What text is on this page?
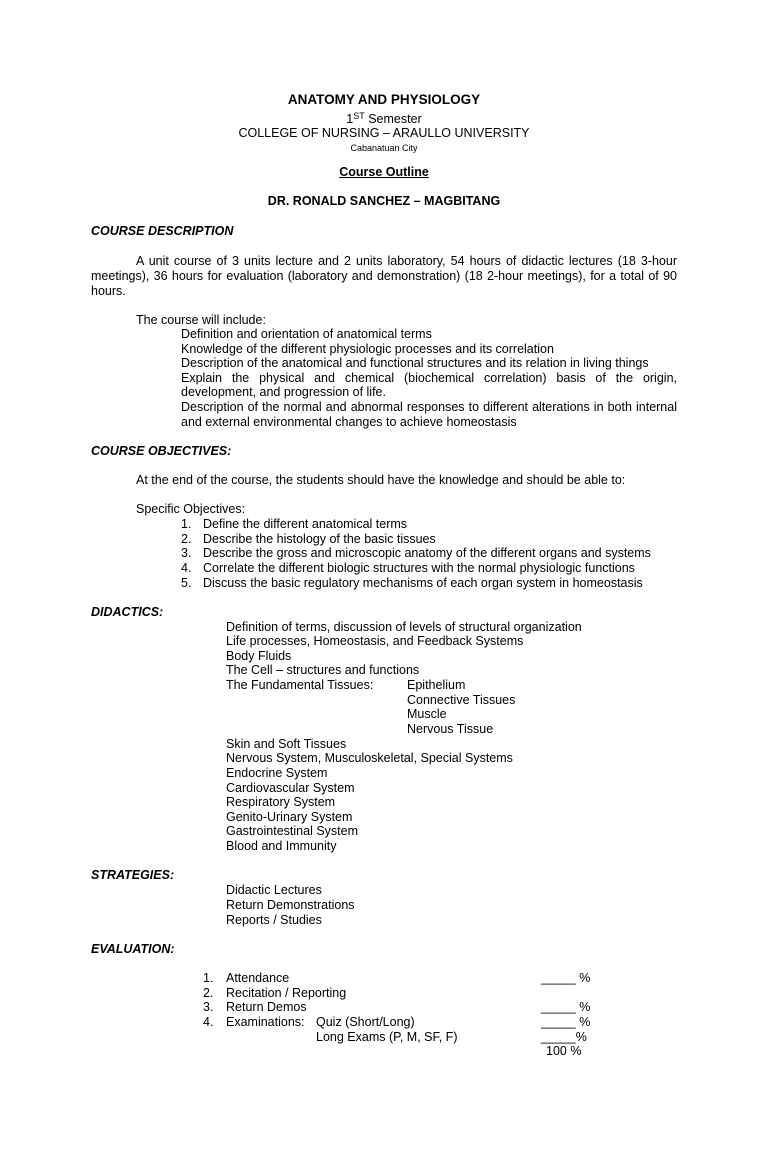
ANATOMY AND PHYSIOLOGY
1ST Semester
COLLEGE OF NURSING – ARAULLO UNIVERSITY
Cabanatuan City
Course Outline
DR. RONALD SANCHEZ – MAGBITANG
COURSE DESCRIPTION
A unit course of 3 units lecture and 2 units laboratory, 54 hours of didactic lectures (18 3-hour
meetings), 36 hours for evaluation (laboratory and demonstration) (18 2-hour meetings), for a total of 90
hours.
The course will include:
Definition and orientation of anatomical terms
Knowledge of the different physiologic processes and its correlation
Description of the anatomical and functional structures and its relation in living things
Explain the physical and chemical (biochemical correlation) basis of the origin,
development, and progression of life.
Description of the normal and abnormal responses to different alterations in both internal
and external environmental changes to achieve homeostasis
COURSE OBJECTIVES:
At the end of the course, the students should have the knowledge and should be able to:
Specific Objectives:
1. Define the different anatomical terms
2. Describe the histology of the basic tissues
3. Describe the gross and microscopic anatomy of the different organs and systems
4. Correlate the different biologic structures with the normal physiologic functions
5. Discuss the basic regulatory mechanisms of each organ system in homeostasis
DIDACTICS:
Definition of terms, discussion of levels of structural organization
Life processes, Homeostasis, and Feedback Systems
Body Fluids
The Cell – structures and functions
The Fundamental Tissues:	Epithelium
Connective Tissues
Muscle
Nervous Tissue
Skin and Soft Tissues
Nervous System, Musculoskeletal, Special Systems
Endocrine System
Cardiovascular System
Respiratory System
Genito-Urinary System
Gastrointestinal System
Blood and Immunity
STRATEGIES:
Didactic Lectures
Return Demonstrations
Reports / Studies
EVALUATION:
1. Attendance	_____ %
2. Recitation / Reporting
3. Return Demos	_____ %
4. Examinations: Quiz (Short/Long)	_____ %
Long Exams (P, M, SF, F)	_____%
100 %
